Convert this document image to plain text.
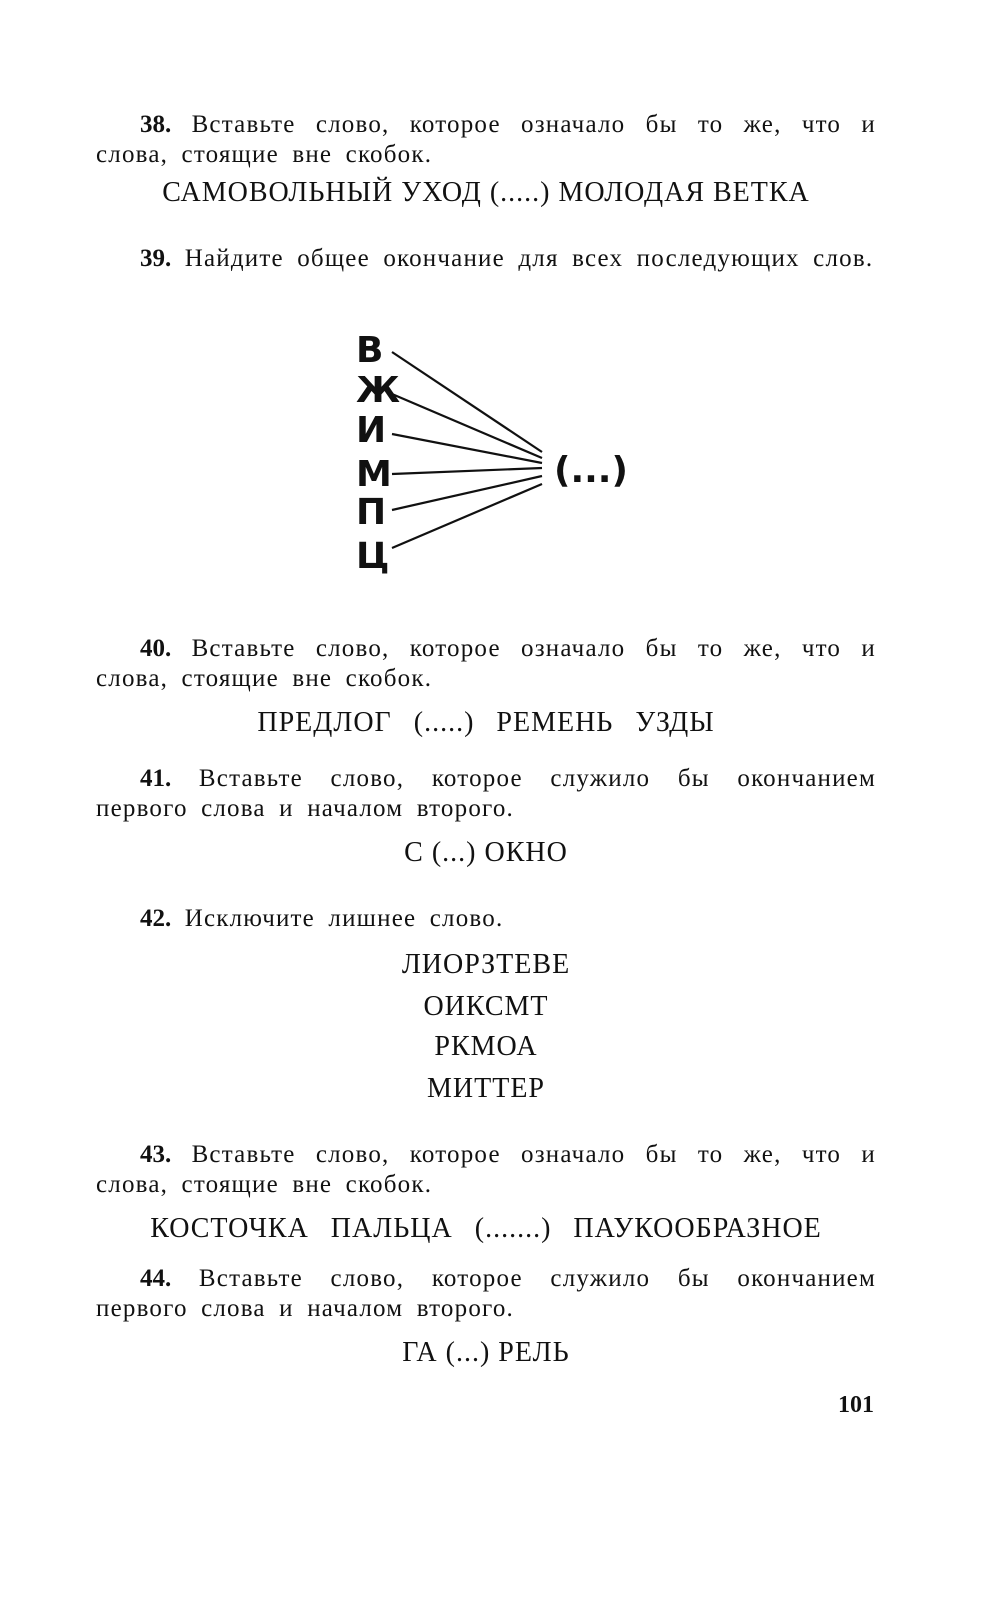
38. Вставьте слово, которое означало бы то же, что и слова, стоящие вне скобок.
САМОВОЛЬНЫЙ УХОД (.....) МОЛОДАЯ ВЕТКА
39. Найдите общее окончание для всех последующих слов.
В
Ж
И
М
П
Ц
(...)
40. Вставьте слово, которое означало бы то же, что и слова, стоящие вне скобок.
ПРЕДЛОГ (.....) РЕМЕНЬ УЗДЫ
41. Вставьте слово, которое служило бы окончанием первого слова и началом второго.
С (...) ОКНО
42. Исключите лишнее слово.
ЛИОРЗТЕВЕ
ОИКСМТ
РКМОА
МИТТЕР
43. Вставьте слово, которое означало бы то же, что и слова, стоящие вне скобок.
КОСТОЧКА ПАЛЬЦА (.......) ПАУКООБРАЗНОЕ
44. Вставьте слово, которое служило бы окончанием первого слова и началом второго.
ГА (...) РЕЛЬ
101
